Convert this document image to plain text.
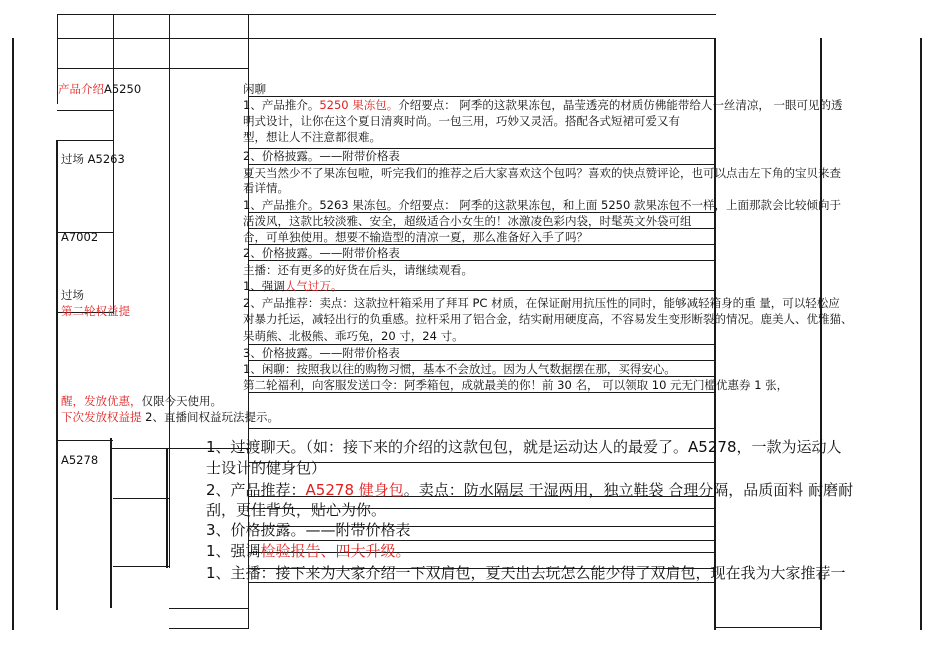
产品介绍A5250
过场 A5263
A7002
过场
第二轮权益提
醒，发放优惠，仅限今天使用。
下次发放权益提 2、直播间权益玩法提示。
A5278
闲聊
1、产品推介。5250 果冻包。介绍要点： 阿季的这款果冻包，晶莹透亮的材质仿佛能带给人一丝清凉， 一眼可见的透
明式设计，让你在这个夏日清爽时尚。一包三用，巧妙又灵活。搭配各式短裙可爱又有
型，想让人不注意都很难。
2、价格披露。——附带价格表
夏天当然少不了果冻包啦，听完我们的推荐之后大家喜欢这个包吗？喜欢的快点赞评论，也可以点击左下角的宝贝来查
看详情。
1、产品推介。5263 果冻包。介绍要点： 阿季的这款果冻包，和上面 5250 款果冻包不一样，上面那款会比较倾向于
活泼风，这款比较淡雅、安全，超级适合小女生的！冰激凌色彩内袋，时髦英文外袋可组
合，可单独使用。想要不输造型的清凉一夏，那么准备好入手了吗？
2、价格披露。——附带价格表
主播：还有更多的好货在后头，请继续观看。
1、强调人气过万。
2、产品推荐：卖点：这款拉杆箱采用了拜耳 PC 材质，在保证耐用抗压性的同时，能够减轻箱身的重 量，可以轻松应
对暴力托运，减轻出行的负重感。拉杆采用了铝合金，结实耐用硬度高，不容易发生变形断裂的情况。鹿美人、优雅猫、
呆萌熊、北极熊、乖巧兔，20 寸，24 寸。
3、价格披露。——附带价格表
1、闲聊：按照我以往的购物习惯，基本不会放过。因为人气数据摆在那，买得安心。
第二轮福利，向客服发送口令：阿季箱包，成就最美的你！前 30 名， 可以领取 10 元无门槛优惠券 1 张，
1、过渡聊天。（如：接下来的介绍的这款包包，就是运动达人的最爱了。A5278，一款为运动人
士设计的健身包）
2、产品推荐：A5278 健身包。卖点：防水隔层 干湿两用，独立鞋袋 合理分隔，品质面料 耐磨耐
刮，更佳背负，贴心为你。
3、价格披露。——附带价格表
1、强调检验报告、四大升级。
1、主播：接下来为大家介绍一下双肩包，夏天出去玩怎么能少得了双肩包，现在我为大家推荐一
